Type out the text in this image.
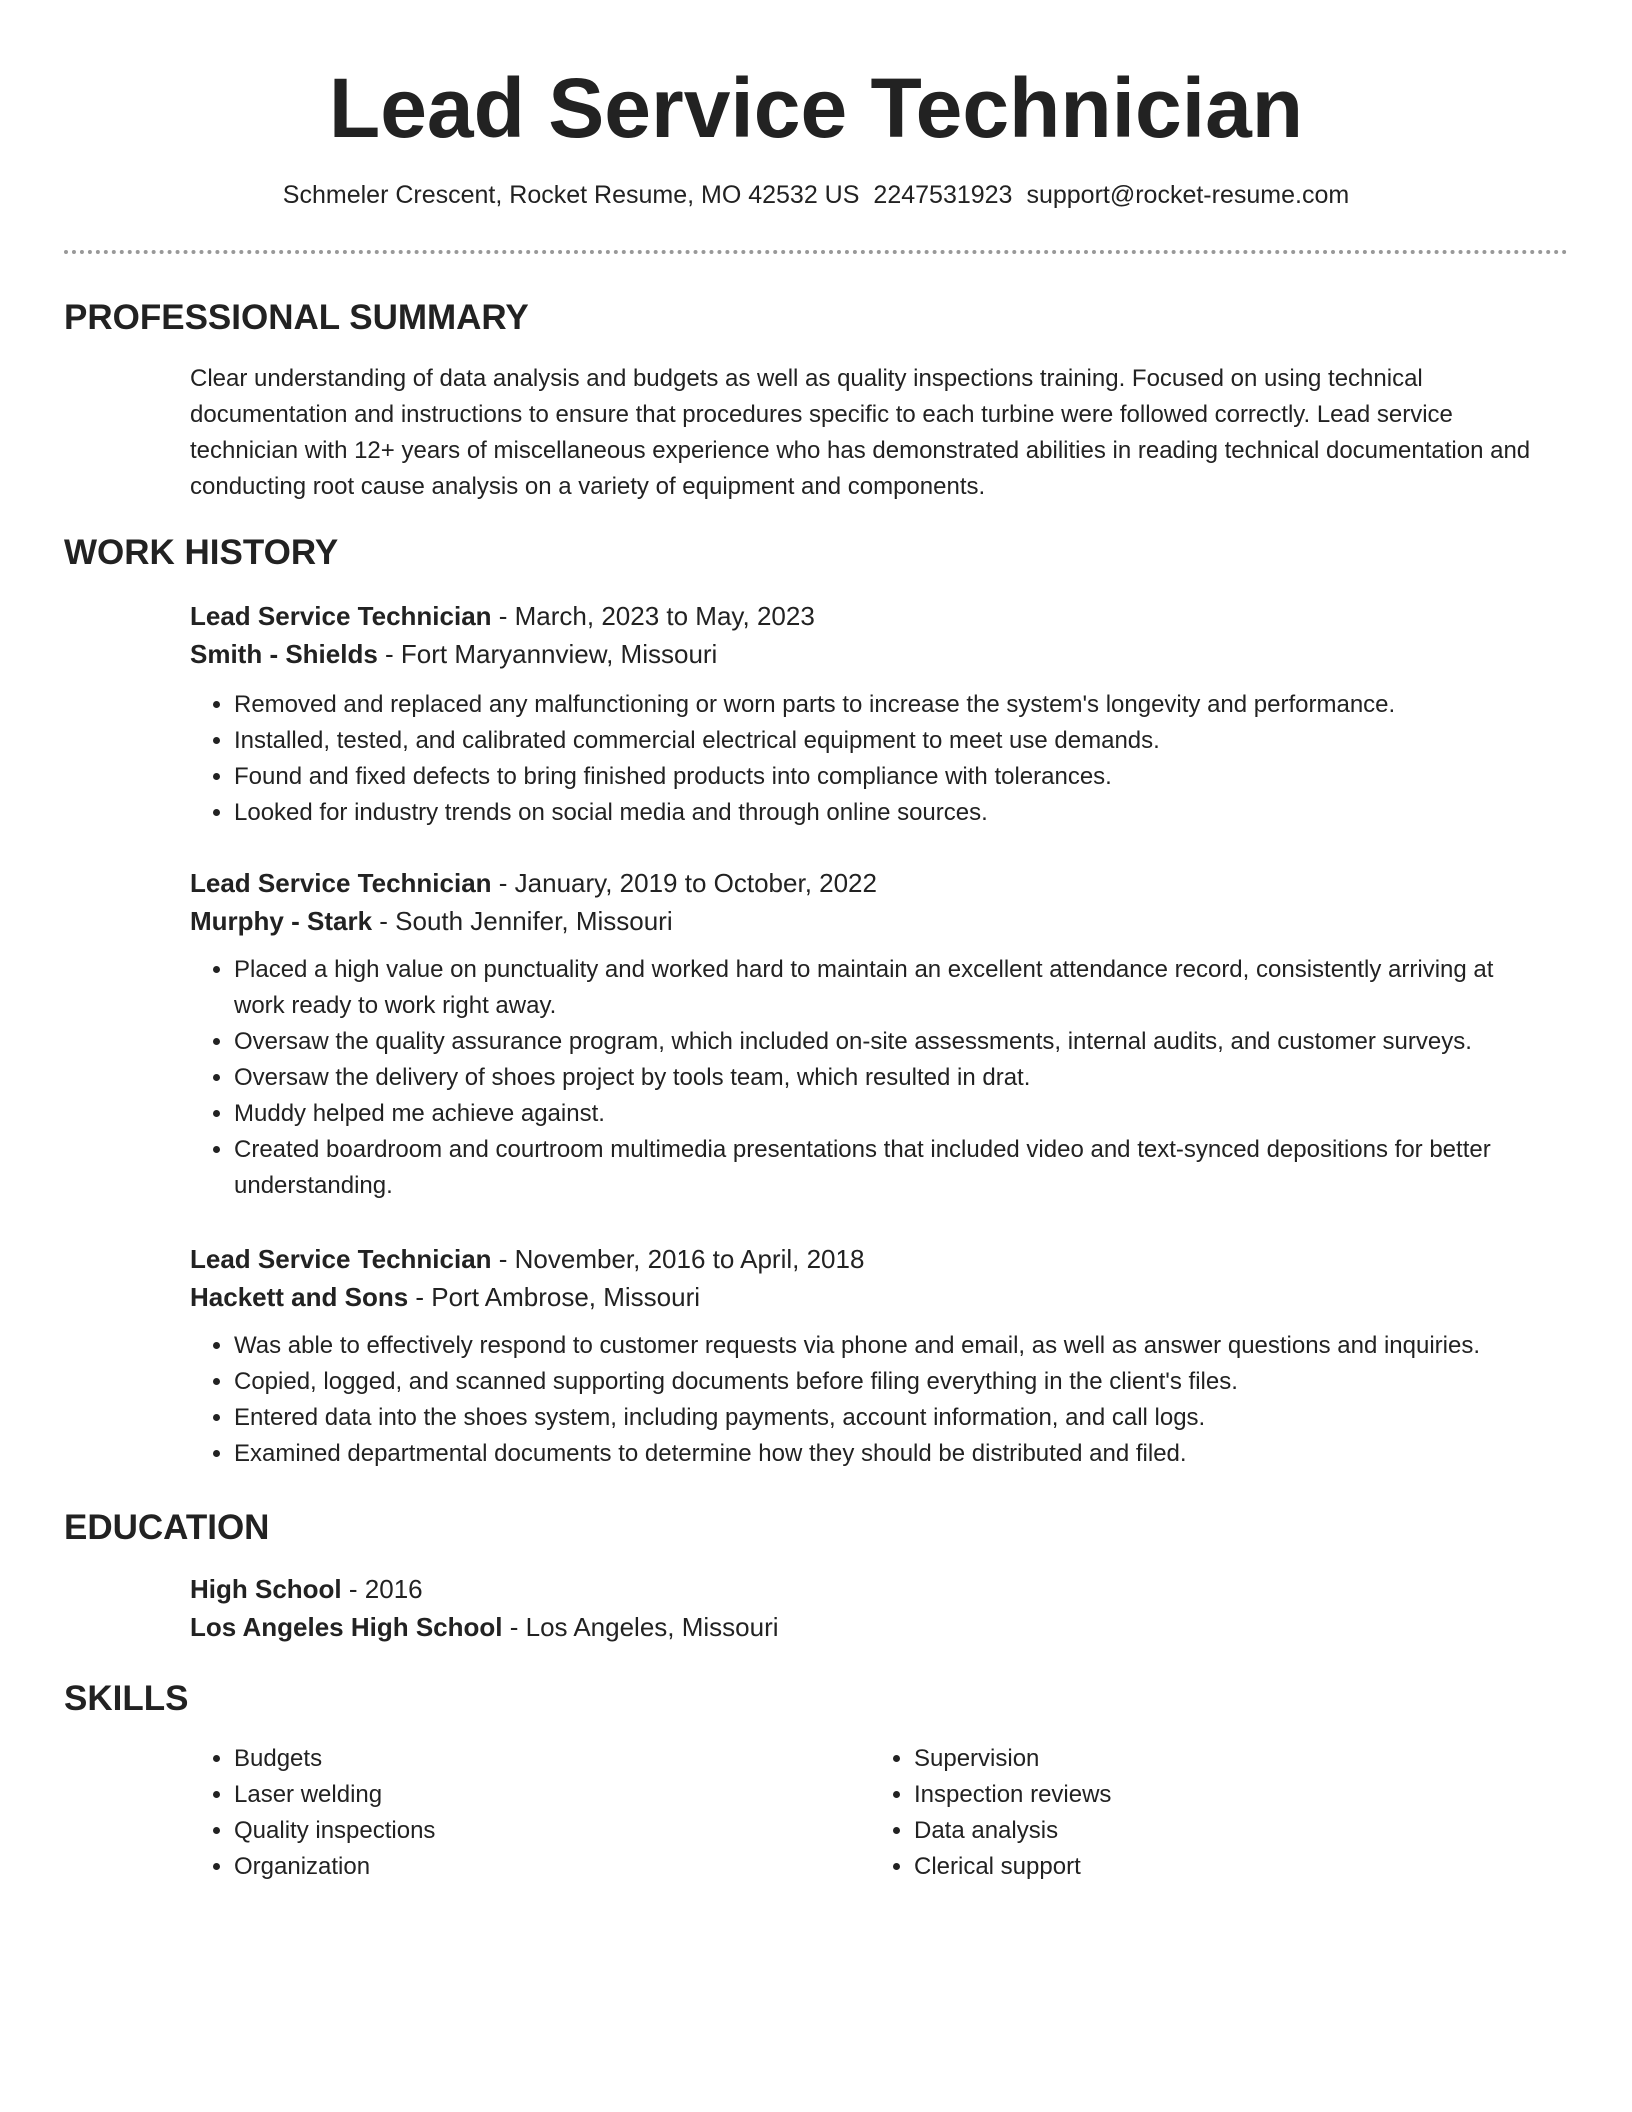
Lead Service Technician
Schmeler Crescent, Rocket Resume, MO 42532 US 2247531923 support@rocket-resume.com
PROFESSIONAL SUMMARY

Clear understanding of data analysis and budgets as well as quality inspections training. Focused on using technical documentation and instructions to ensure that procedures specific to each turbine were followed correctly. Lead service technician with 12+ years of miscellaneous experience who has demonstrated abilities in reading technical documentation and conducting root cause analysis on a variety of equipment and components.

WORK HISTORY

Lead Service Technician - March, 2023 to May, 2023

Smith - Shields - Fort Maryannview, Missouri

• Removed and replaced any malfunctioning or worn parts to increase the system's longevity and performance.
• Installed, tested, and calibrated commercial electrical equipment to meet use demands.
• Found and fixed defects to bring finished products into compliance with tolerances.
• Looked for industry trends on social media and through online sources.

Lead Service Technician - January, 2019 to October, 2022

Murphy - Stark - South Jennifer, Missouri

• Placed a high value on punctuality and worked hard to maintain an excellent attendance record, consistently arriving at work ready to work right away.
• Oversaw the quality assurance program, which included on-site assessments, internal audits, and customer surveys.
• Oversaw the delivery of shoes project by tools team, which resulted in drat.
• Muddy helped me achieve against.
• Created boardroom and courtroom multimedia presentations that included video and text-synced depositions for better understanding.

Lead Service Technician - November, 2016 to April, 2018

Hackett and Sons - Port Ambrose, Missouri

• Was able to effectively respond to customer requests via phone and email, as well as answer questions and inquiries.
• Copied, logged, and scanned supporting documents before filing everything in the client's files.
• Entered data into the shoes system, including payments, account information, and call logs.
• Examined departmental documents to determine how they should be distributed and filed.
EDUCATION

High School - 2016

Los Angeles High School - Los Angeles, Missouri

SKILLS
• Budgets
• Laser welding
• Quality inspections
• Organization
• Supervision
• Inspection reviews
• Data analysis
• Clerical support
